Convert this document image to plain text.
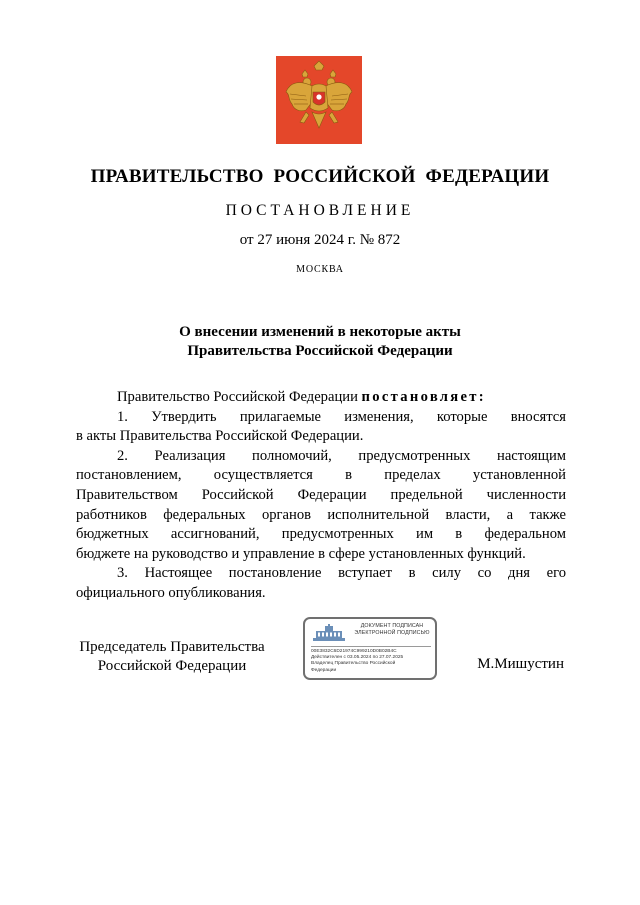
ПРАВИТЕЛЬСТВО РОССИЙСКОЙ ФЕДЕРАЦИИ
ПОСТАНОВЛЕНИЕ
от 27 июня 2024 г. № 872
МОСКВА
О внесении изменений в некоторые акты
Правительства Российской Федерации

Правительство Российской Федерации постановляет:

1. Утвердить прилагаемые изменения, которые вносятся

в акты Правительства Российской Федерации.

2. Реализация полномочий, предусмотренных настоящим

постановлением, осуществляется в пределах установленной

Правительством Российской Федерации предельной численности

работников федеральных органов исполнительной власти, а также

бюджетных ассигнований, предусмотренных им в федеральном

бюджете на руководство и управление в сфере установленных функций.

3. Настоящее постановление вступает в силу со дня его

официального опубликования.

Председатель Правительства
Российской Федерации
ДОКУМЕНТ ПОДПИСАН
ЭЛЕКТРОННОЙ ПОДПИСЬЮ
00E3832C6D21974C999210D0B02B4C
Действителен с 03.05.2024 по 27.07.2025
Владелец Правительство Российской
Федерации	М.Мишустин
